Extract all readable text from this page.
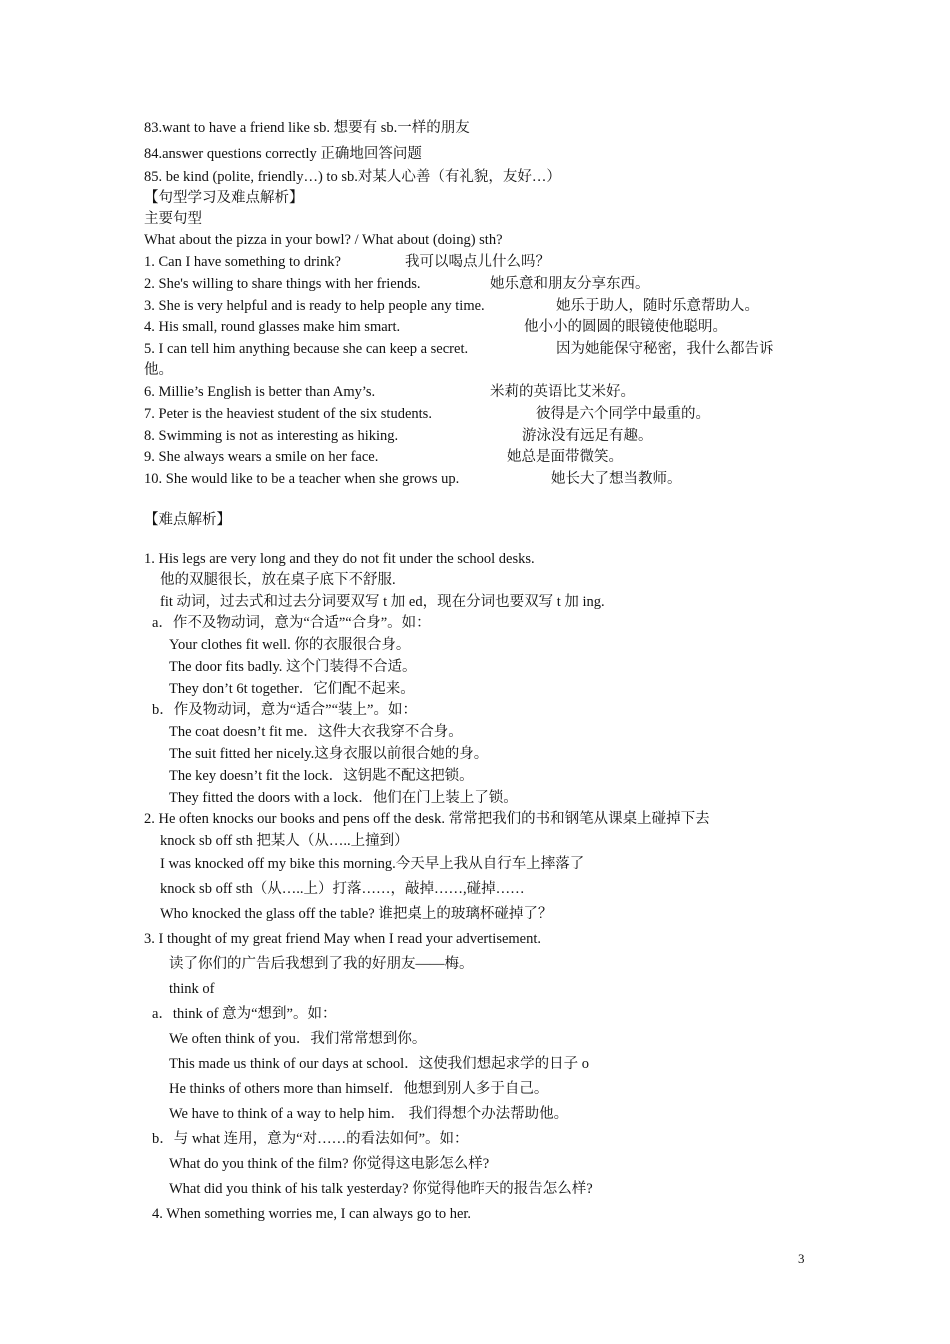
83.want to have a friend like sb. 想要有 sb.一样的朋友
84.answer questions correctly 正确地回答问题
85. be kind (polite, friendly…) to sb.对某人心善（有礼貌，友好…）
【句型学习及难点解析】
主要句型
What about the pizza in your bowl? / What about (doing) sth?
1. Can I have something to drink?	我可以喝点儿什么吗？
2. She's willing to share things with her friends.	她乐意和朋友分享东西。
3. She is very helpful and is ready to help people any time.	她乐于助人，随时乐意帮助人。
4. His small, round glasses make him smart.	他小小的圆圆的眼镜使他聪明。
5. I can tell him anything because she can keep a secret.	因为她能保守秘密，我什么都告诉
他。
6. Millie’s English is better than Amy’s.	米莉的英语比艾米好。
7. Peter is the heaviest student of the six students.	彼得是六个同学中最重的。
8. Swimming is not as interesting as hiking.	游泳没有远足有趣。
9. She always wears a smile on her face.	她总是面带微笑。
10. She would like to be a teacher when she grows up.	她长大了想当教师。
【难点解析】
1. His legs are very long and they do not fit under the school desks.
他的双腿很长，放在桌子底下不舒服.
fit 动词，过去式和过去分词要双写 t 加 ed，现在分词也要双写 t 加 ing.
a．作不及物动词，意为“合适”“合身”。如：
Your clothes fit well. 你的衣服很合身。
The door fits badly. 这个门装得不合适。
They don’t 6t together．它们配不起来。
b．作及物动词，意为“适合”“装上”。如：
The coat doesn’t fit me．这件大衣我穿不合身。
The suit fitted her nicely.这身衣服以前很合她的身。
The key doesn’t fit the lock．这钥匙不配这把锁。
They fitted the doors with a lock．他们在门上装上了锁。
2. He often knocks our books and pens off the desk. 常常把我们的书和钢笔从课桌上碰掉下去
knock sb off sth 把某人（从…..上撞到）
I was knocked off my bike this morning.今天早上我从自行车上摔落了
knock sb off sth（从…..上）打落……，敲掉……,碰掉……
Who knocked the glass off the table? 谁把桌上的玻璃杯碰掉了？
3. I thought of my great friend May when I read your advertisement.
读了你们的广告后我想到了我的好朋友——梅。
think of
a．think of 意为“想到”。如：
We often think of you．我们常常想到你。
This made us think of our days at school．这使我们想起求学的日子 o
He thinks of others more than himself．他想到别人多于自己。
We have to think of a way to help him． 我们得想个办法帮助他。
b．与 what 连用，意为“对……的看法如何”。如：
What do you think of the film? 你觉得这电影怎么样?
What did you think of his talk yesterday? 你觉得他昨天的报告怎么样?
4. When something worries me, I can always go to her.
3
